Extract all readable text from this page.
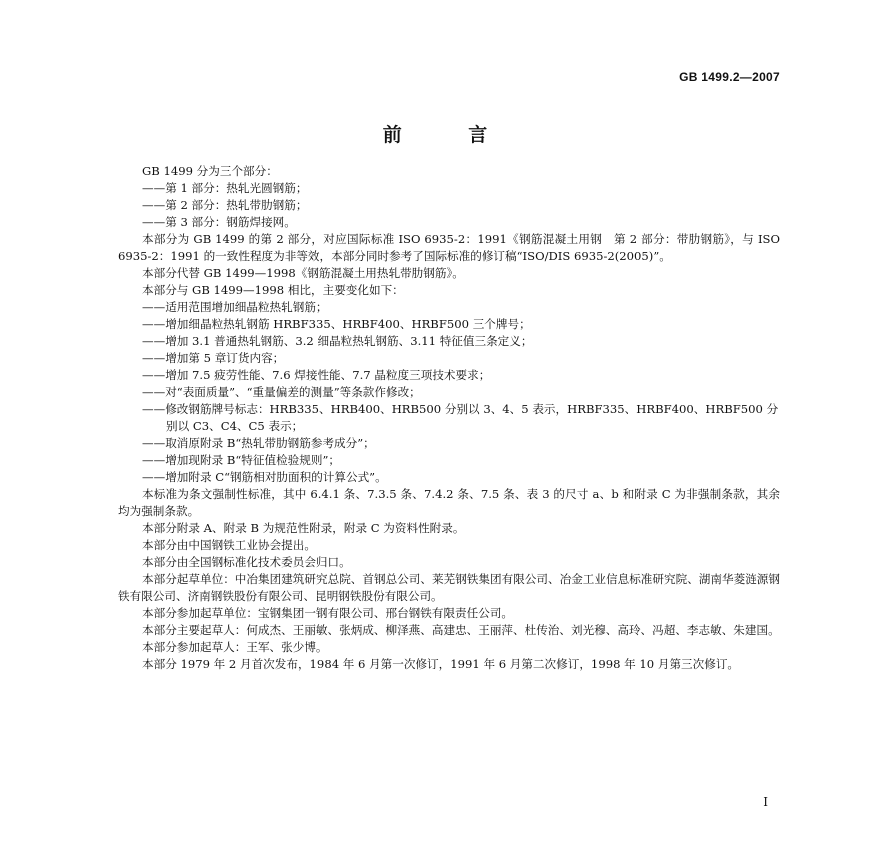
GB 1499.2—2007
前 言

GB 1499 分为三个部分：

——第 1 部分：热轧光圆钢筋；

——第 2 部分：热轧带肋钢筋；

——第 3 部分：钢筋焊接网。

本部分为 GB 1499 的第 2 部分，对应国际标准 ISO 6935-2：1991《钢筋混凝土用钢　第 2 部分：带肋钢筋》，与 ISO 6935-2：1991 的一致性程度为非等效，本部分同时参考了国际标准的修订稿“ISO/DIS 6935-2(2005)”。

本部分代替 GB 1499—1998《钢筋混凝土用热轧带肋钢筋》。

本部分与 GB 1499—1998 相比，主要变化如下：

——适用范围增加细晶粒热轧钢筋；

——增加细晶粒热轧钢筋 HRBF335、HRBF400、HRBF500 三个牌号；

——增加 3.1 普通热轧钢筋、3.2 细晶粒热轧钢筋、3.11 特征值三条定义；

——增加第 5 章订货内容；

——增加 7.5 疲劳性能、7.6 焊接性能、7.7 晶粒度三项技术要求；

——对“表面质量”、“重量偏差的测量”等条款作修改；

——修改钢筋牌号标志：HRB335、HRB400、HRB500 分别以 3、4、5 表示，HRBF335、HRBF400、HRBF500 分别以 C3、C4、C5 表示；

——取消原附录 B“热轧带肋钢筋参考成分”；

——增加现附录 B“特征值检验规则”；

——增加附录 C“钢筋相对肋面积的计算公式”。

本标准为条文强制性标准，其中 6.4.1 条、7.3.5 条、7.4.2 条、7.5 条、表 3 的尺寸 a、b 和附录 C 为非强制条款，其余均为强制条款。

本部分附录 A、附录 B 为规范性附录，附录 C 为资料性附录。

本部分由中国钢铁工业协会提出。

本部分由全国钢标准化技术委员会归口。

本部分起草单位：中冶集团建筑研究总院、首钢总公司、莱芜钢铁集团有限公司、冶金工业信息标准研究院、湖南华菱涟源钢铁有限公司、济南钢铁股份有限公司、昆明钢铁股份有限公司。

本部分参加起草单位：宝钢集团一钢有限公司、邢台钢铁有限责任公司。

本部分主要起草人：何成杰、王丽敏、张炳成、柳泽燕、高建忠、王丽萍、杜传治、刘光穆、高玲、冯超、李志敏、朱建国。

本部分参加起草人：王军、张少博。

本部分 1979 年 2 月首次发布，1984 年 6 月第一次修订，1991 年 6 月第二次修订，1998 年 10 月第三次修订。

I
